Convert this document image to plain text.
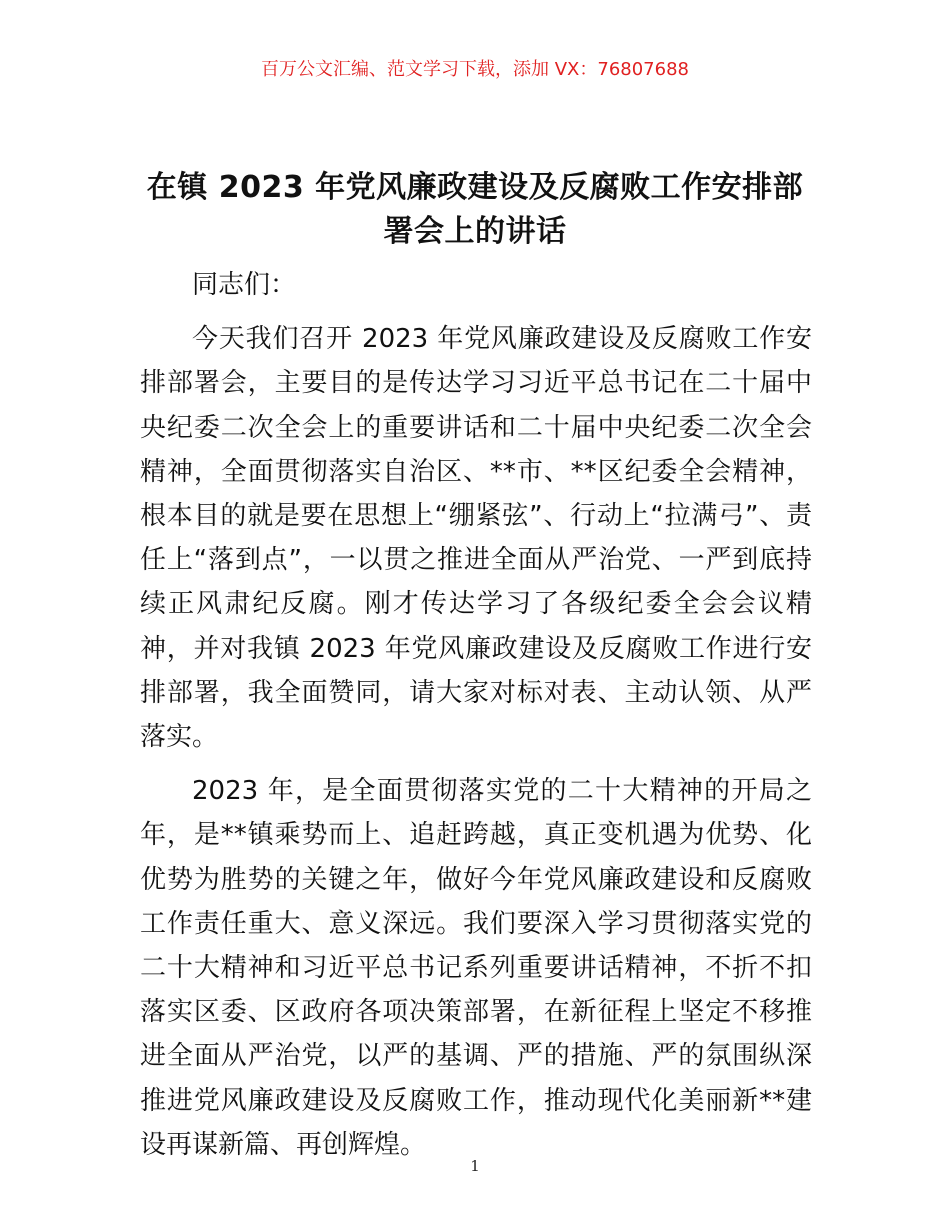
百万公文汇编、范文学习下载，添加 VX：76807688
在镇 2023 年党风廉政建设及反腐败工作安排部
署会上的讲话

同志们：

今天我们召开 2023 年党风廉政建设及反腐败工作安排部署会，主要目的是传达学习习近平总书记在二十届中央纪委二次全会上的重要讲话和二十届中央纪委二次全会精神，全面贯彻落实自治区、**市、**区纪委全会精神，根本目的就是要在思想上“绷紧弦”、行动上“拉满弓”、责任上“落到点”，一以贯之推进全面从严治党、一严到底持续正风肃纪反腐。刚才传达学习了各级纪委全会会议精神，并对我镇 2023 年党风廉政建设及反腐败工作进行安排部署，我全面赞同，请大家对标对表、主动认领、从严落实。

2023 年，是全面贯彻落实党的二十大精神的开局之年，是**镇乘势而上、追赶跨越，真正变机遇为优势、化优势为胜势的关键之年，做好今年党风廉政建设和反腐败工作责任重大、意义深远。我们要深入学习贯彻落实党的二十大精神和习近平总书记系列重要讲话精神，不折不扣落实区委、区政府各项决策部署，在新征程上坚定不移推进全面从严治党，以严的基调、严的措施、严的氛围纵深推进党风廉政建设及反腐败工作，推动现代化美丽新**建设再谋新篇、再创辉煌。

1
